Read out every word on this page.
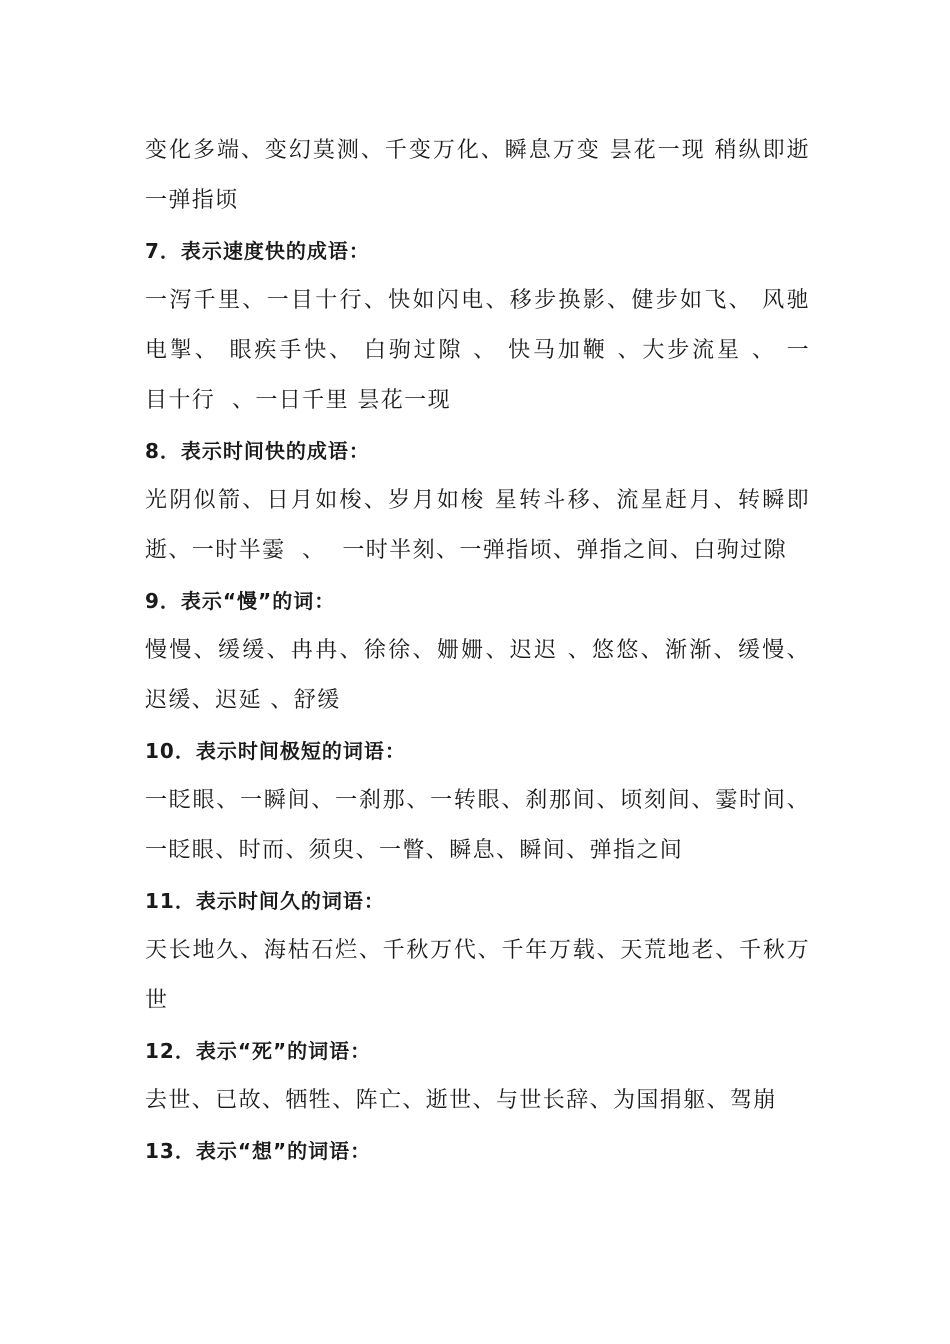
变化多端、变幻莫测、千变万化、瞬息万变 昙花一现 稍纵即逝
一弹指顷
7．表示速度快的成语：
一泻千里、一目十行、快如闪电、移步换影、健步如飞、 风驰
电掣、 眼疾手快、 白驹过隙 、 快马加鞭 、大步流星 、 一
目十行  、一日千里 昙花一现
8．表示时间快的成语：
光阴似箭、日月如梭、岁月如梭 星转斗移、流星赶月、转瞬即
逝、一时半霎  、  一时半刻、一弹指顷、弹指之间、白驹过隙
9．表示“慢”的词：
慢慢、缓缓、冉冉、徐徐、姗姗、迟迟 、悠悠、渐渐、缓慢、
迟缓、迟延 、舒缓
10．表示时间极短的词语：
一眨眼、一瞬间、一刹那、一转眼、刹那间、顷刻间、霎时间、
一眨眼、时而、须臾、一瞥、瞬息、瞬间、弹指之间
11．表示时间久的词语：
天长地久、海枯石烂、千秋万代、千年万载、天荒地老、千秋万
世
12．表示“死”的词语：
去世、已故、牺牲、阵亡、逝世、与世长辞、为国捐躯、驾崩
13．表示“想”的词语：
